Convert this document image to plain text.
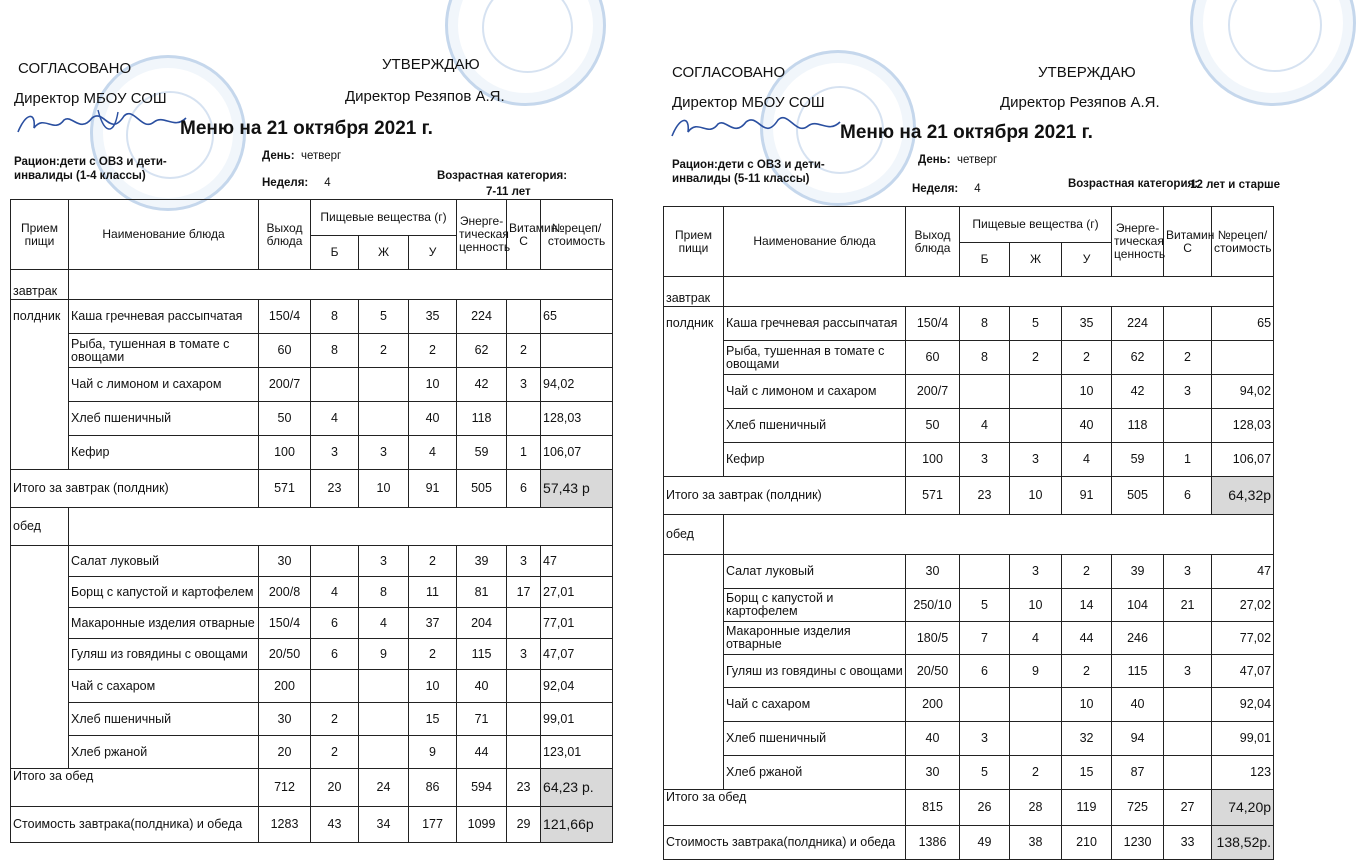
СОГЛАСОВАНО	УТВЕРЖДАЮ
Директор МБОУ СОШ	Директор Резяпов А.Я.
Меню на 21 октября 2021 г.
Рацион:дети с ОВЗ и дети-инвалиды (1-4 классы)
День: четверг
Неделя: 4
Возрастная категория:
7-11 лет
Прием пищи	Наименование блюда	Выход блюда	Пищевые вещества (г)			Энерге-тическая ценность	Витамин С	№рецеп/стоимость
			Б	Ж	У			
завтрак								
полдник	Каша гречневая рассыпчатая	150/4	8	5	35	224		65
	Рыба, тушенная в томате с овощами	60	8	2	2	62	2	
	Чай с лимоном и сахаром	200/7			10	42	3	94,02
	Хлеб пшеничный	50	4		40	118		128,03
	Кефир	100	3	3	4	59	1	106,07
Итого за завтрак (полдник)		571	23	10	91	505	6	57,43 р
обед								
	Салат луковый	30		3	2	39	3	47
	Борщ с капустой и картофелем	200/8	4	8	11	81	17	27,01
	Макаронные изделия отварные	150/4	6	4	37	204		77,01
	Гуляш из говядины с овощами	20/50	6	9	2	115	3	47,07
	Чай с сахаром	200			10	40		92,04
	Хлеб пшеничный	30	2		15	71		99,01
	Хлеб ржаной	20	2		9	44		123,01
Итого за обед		712	20	24	86	594	23	64,23 р.
Стоимость завтрака(полдника) и обеда		1283	43	34	177	1099	29	121,66р
СОГЛАСОВАНО	УТВЕРЖДАЮ
Директор МБОУ СОШ	Директор Резяпов А.Я.
Меню на 21 октября 2021 г.
Рацион:дети с ОВЗ и дети-инвалиды (5-11 классы)
День: четверг
Неделя: 4	Возрастная категория:
12 лет и старше
Прием пищи	Наименование блюда	Выход блюда	Пищевые вещества (г)			Энерге-тическая ценность	Витамин С	№рецеп/стоимость
			Б	Ж	У			
завтрак								
полдник	Каша гречневая рассыпчатая	150/4	8	5	35	224		65
	Рыба, тушенная в томате с овощами	60	8	2	2	62	2	
	Чай с лимоном и сахаром	200/7			10	42	3	94,02
	Хлеб пшеничный	50	4		40	118		128,03
	Кефир	100	3	3	4	59	1	106,07
Итого за завтрак (полдник)		571	23	10	91	505	6	64,32р
обед								
	Салат луковый	30		3	2	39	3	47
	Борщ с капустой и картофелем	250/10	5	10	14	104	21	27,02
	Макаронные изделия отварные	180/5	7	4	44	246		77,02
	Гуляш из говядины с овощами	20/50	6	9	2	115	3	47,07
	Чай с сахаром	200			10	40		92,04
	Хлеб пшеничный	40	3		32	94		99,01
	Хлеб ржаной	30	5	2	15	87		123
Итого за обед		815	26	28	119	725	27	74,20р
Стоимость завтрака(полдника) и обеда		1386	49	38	210	1230	33	138,52р.
